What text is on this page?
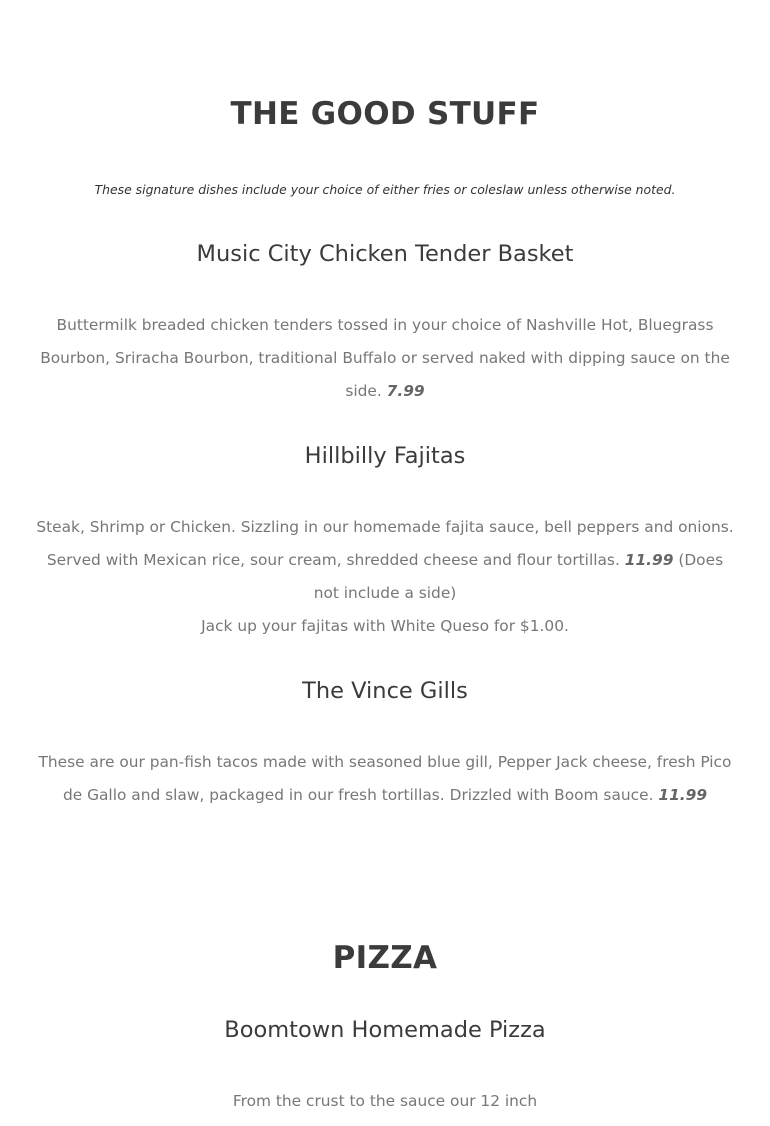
THE GOOD STUFF

These signature dishes include your choice of either fries or coleslaw unless otherwise noted.

Music City Chicken Tender Basket

Buttermilk breaded chicken tenders tossed in your choice of Nashville Hot, Bluegrass Bourbon, Sriracha Bourbon, traditional Buffalo or served naked with dipping sauce on the side. 7.99

Hillbilly Fajitas

Steak, Shrimp or Chicken. Sizzling in our homemade fajita sauce, bell peppers and onions. Served with Mexican rice, sour cream, shredded cheese and flour tortillas. 11.99 (Does not include a side)

Jack up your fajitas with White Queso for $1.00.

The Vince Gills

These are our pan-fish tacos made with seasoned blue gill, Pepper Jack cheese, fresh Pico de Gallo and slaw, packaged in our fresh tortillas. Drizzled with Boom sauce. 11.99

PIZZA
Boomtown Homemade Pizza

From the crust to the sauce our 12 inch
